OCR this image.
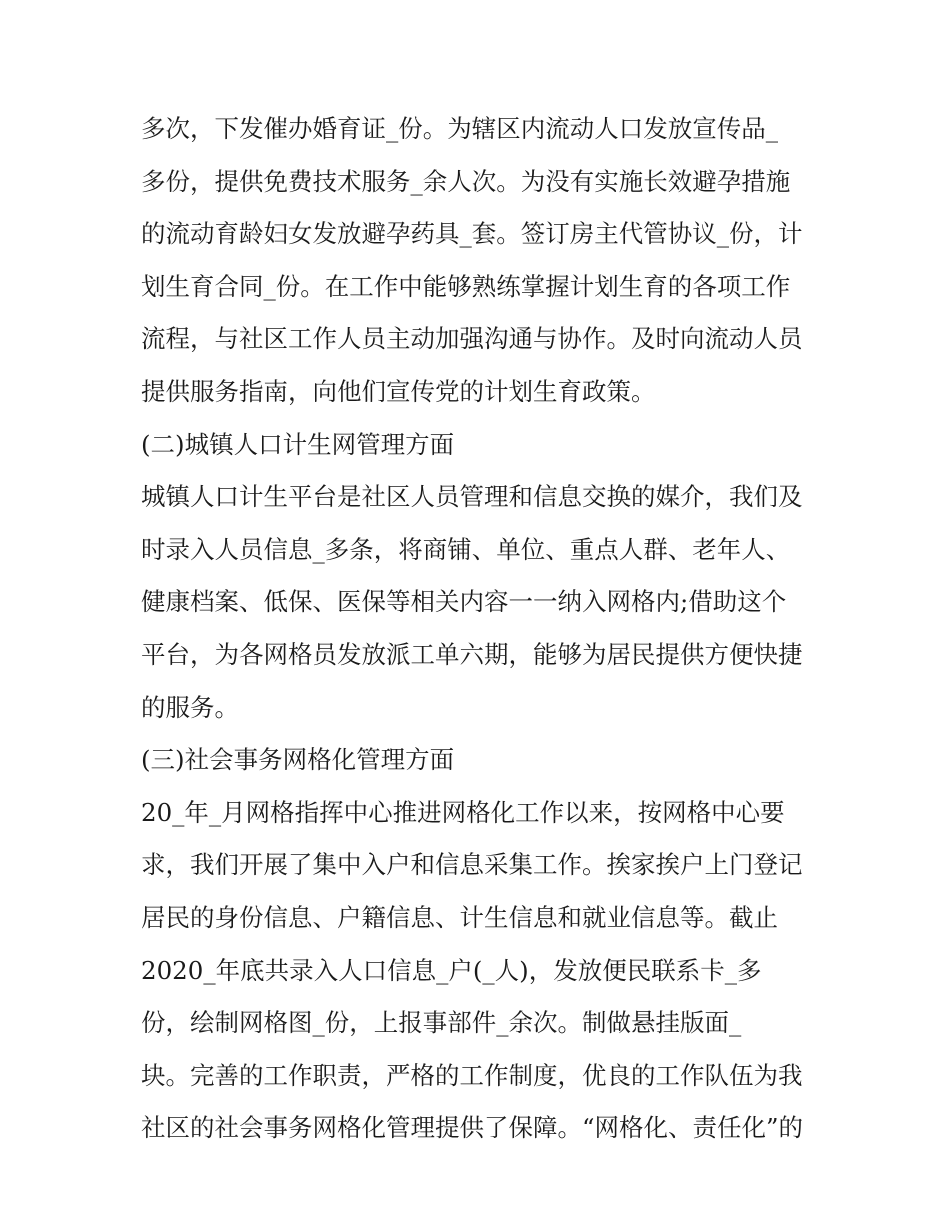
多次，下发催办婚育证_份。为辖区内流动人口发放宣传品_
多份，提供免费技术服务_余人次。为没有实施长效避孕措施
的流动育龄妇女发放避孕药具_套。签订房主代管协议_份，计
划生育合同_份。在工作中能够熟练掌握计划生育的各项工作
流程，与社区工作人员主动加强沟通与协作。及时向流动人员
提供服务指南，向他们宣传党的计划生育政策。
(二)城镇人口计生网管理方面
城镇人口计生平台是社区人员管理和信息交换的媒介，我们及
时录入人员信息_多条，将商铺、单位、重点人群、老年人、
健康档案、低保、医保等相关内容一一纳入网格内;借助这个
平台，为各网格员发放派工单六期，能够为居民提供方便快捷
的服务。
(三)社会事务网格化管理方面
20_年_月网格指挥中心推进网格化工作以来，按网格中心要
求，我们开展了集中入户和信息采集工作。挨家挨户上门登记
居民的身份信息、户籍信息、计生信息和就业信息等。截止
2020_年底共录入人口信息_户(_人)，发放便民联系卡_多
份，绘制网格图_份，上报事部件_余次。制做悬挂版面_
块。完善的工作职责，严格的工作制度，优良的工作队伍为我
社区的社会事务网格化管理提供了保障。“网格化、责任化”的
